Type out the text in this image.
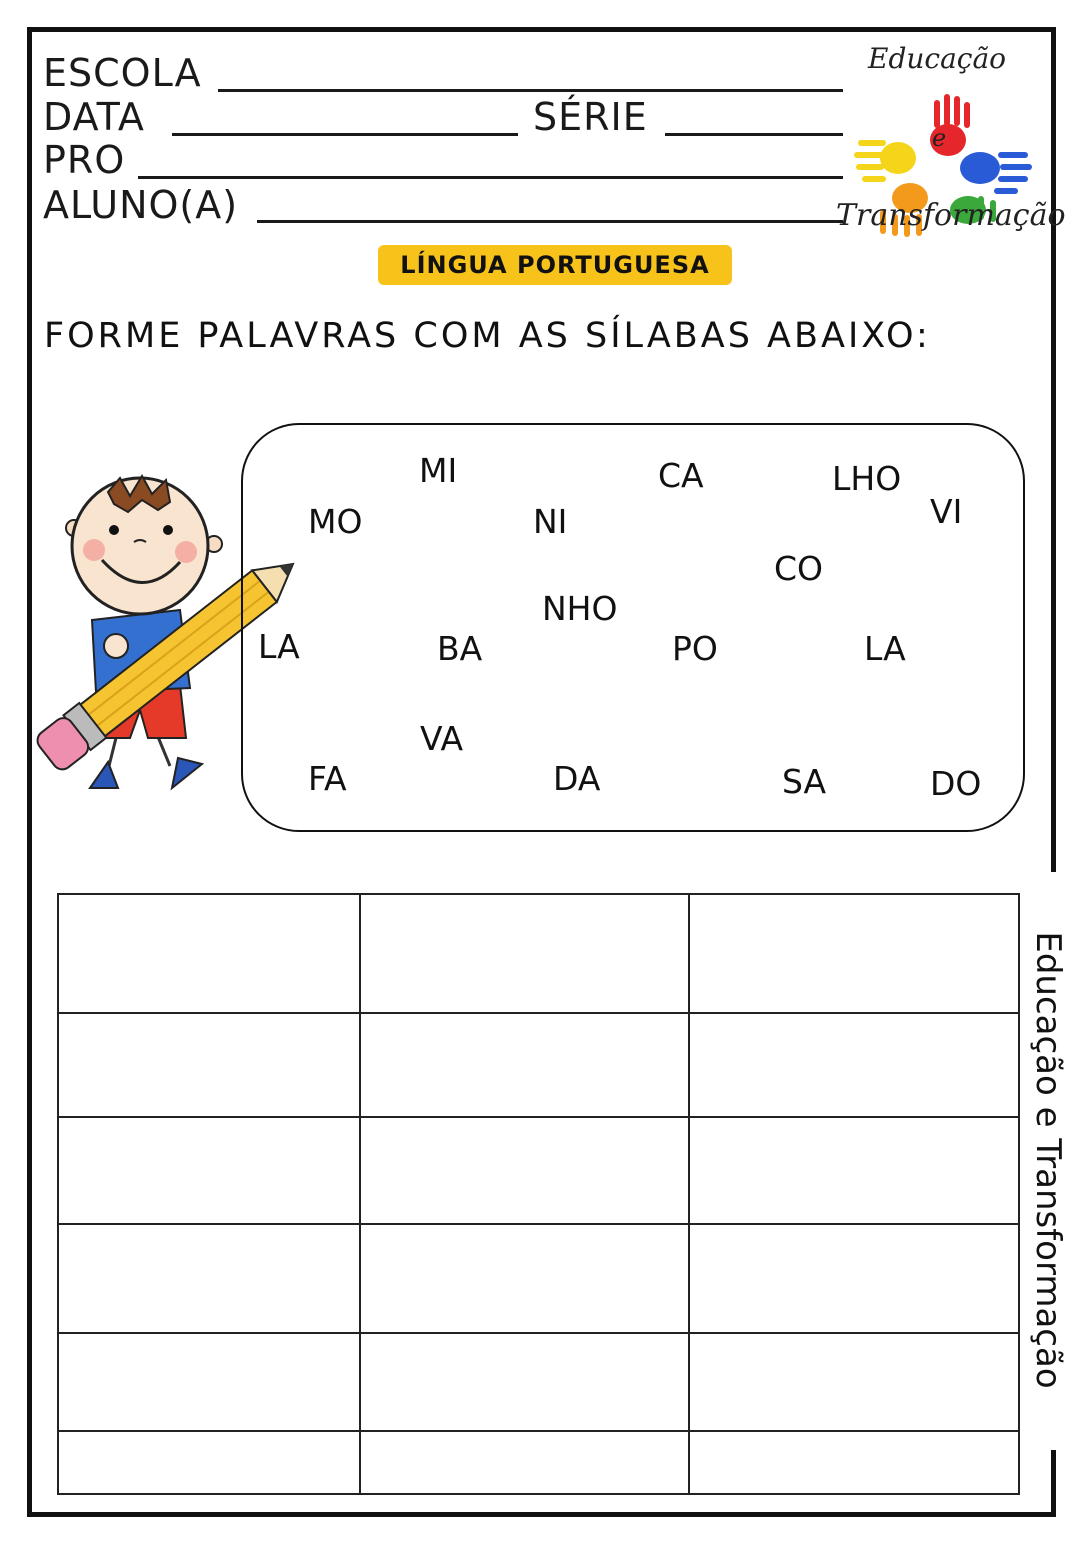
ESCOLA
DATA	SÉRIE
PRO
ALUNO(A)
Educação
e
Transformação
LÍNGUA PORTUGUESA
FORME PALAVRAS COM AS SÍLABAS ABAIXO:
MI	CA	LHO
VI
MO	NI
CO
NHO
LA	BA	PO	LA
VA
FA	DA	SA	DO

Educação e Transformação
